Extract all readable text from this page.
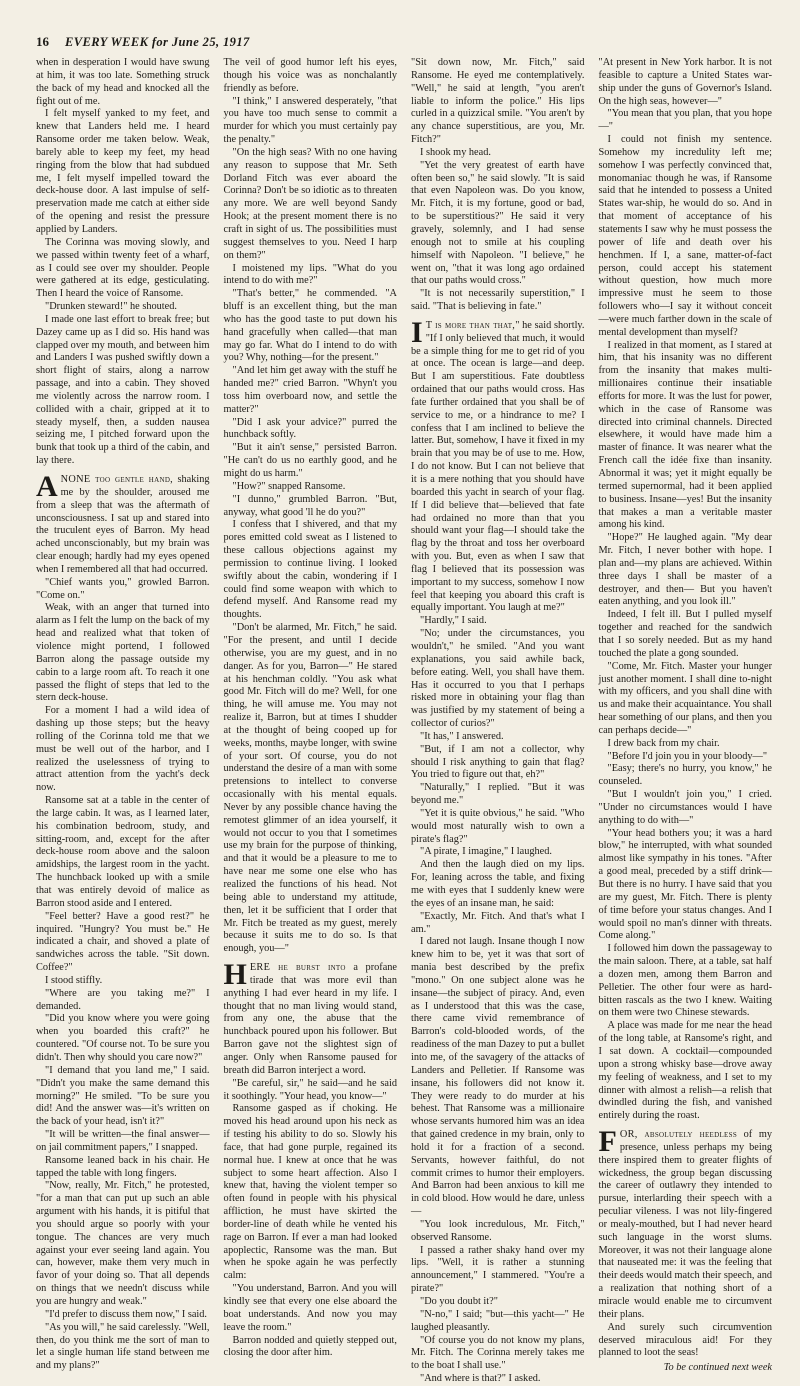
16 EVERY WEEK for June 25, 1917

when in desperation I would have swung at him, it was too late. Something struck the back of my head and knocked all the fight out of me.

I felt myself yanked to my feet, and knew that Landers held me. I heard Ransome order me taken below. Weak, barely able to keep my feet, my head ringing from the blow that had subdued me, I felt myself impelled toward the deck-house door. A last impulse of self-preservation made me catch at either side of the opening and resist the pressure applied by Landers.

The Corinna was moving slowly, and we passed within twenty feet of a wharf, as I could see over my shoulder. People were gathered at its edge, gesticulating. Then I heard the voice of Ransome.

"Drunken steward!" he shouted.

I made one last effort to break free; but Dazey came up as I did so. His hand was clapped over my mouth, and between him and Landers I was pushed swiftly down a short flight of stairs, along a narrow passage, and into a cabin. They shoved me violently across the narrow room. I collided with a chair, gripped at it to steady myself, then, a sudden nausea seizing me, I pitched forward upon the bunk that took up a third of the cabin, and lay there.

ANONE too gentle hand, shaking me by the shoulder, aroused me from a sleep that was the aftermath of unconsciousness. I sat up and stared into the truculent eyes of Barron. My head ached unconscionably, but my brain was clear enough; hardly had my eyes opened when I remembered all that had occurred.

"Chief wants you," growled Barron. "Come on."

Weak, with an anger that turned into alarm as I felt the lump on the back of my head and realized what that token of violence might portend, I followed Barron along the passage outside my cabin to a large room aft. To reach it one passed the flight of steps that led to the stern deck-house.

For a moment I had a wild idea of dashing up those steps; but the heavy rolling of the Corinna told me that we must be well out of the harbor, and I realized the uselessness of trying to attract attention from the yacht's deck now.

Ransome sat at a table in the center of the large cabin. It was, as I learned later, his combination bedroom, study, and sitting-room, and, except for the after deck-house room above and the saloon amidships, the largest room in the yacht. The hunchback looked up with a smile that was entirely devoid of malice as Barron stood aside and I entered.

"Feel better? Have a good rest?" he inquired. "Hungry? You must be." He indicated a chair, and shoved a plate of sandwiches across the table. "Sit down. Coffee?"

I stood stiffly.

"Where are you taking me?" I demanded.

"Did you know where you were going when you boarded this craft?" he countered. "Of course not. To be sure you didn't. Then why should you care now?"

"I demand that you land me," I said. "Didn't you make the same demand this morning?" He smiled. "To be sure you did! And the answer was—it's written on the back of your head, isn't it?"

"It will be written—the final answer—on jail commitment papers," I snapped.

Ransome leaned back in his chair. He tapped the table with long fingers.

"Now, really, Mr. Fitch," he protested, "for a man that can put up such an able argument with his hands, it is pitiful that you should argue so poorly with your tongue. The chances are very much against your ever seeing land again. You can, however, make them very much in favor of your doing so. That all depends on things that we needn't discuss while you are hungry and weak."

"I'd prefer to discuss them now," I said.

"As you will," he said carelessly. "Well, then, do you think me the sort of man to let a single human life stand between me and my plans?"

The veil of good humor left his eyes, though his voice was as nonchalantly friendly as before.

"I think," I answered desperately, "that you have too much sense to commit a murder for which you must certainly pay the penalty."

"On the high seas? With no one having any reason to suppose that Mr. Seth Dorland Fitch was ever aboard the Corinna? Don't be so idiotic as to threaten any more. We are well beyond Sandy Hook; at the present moment there is no craft in sight of us. The possibilities must suggest themselves to you. Need I harp on them?"

I moistened my lips. "What do you intend to do with me?"

"That's better," he commended. "A bluff is an excellent thing, but the man who has the good taste to put down his hand gracefully when called—that man may go far. What do I intend to do with you? Why, nothing—for the present."

"And let him get away with the stuff he handed me?" cried Barron. "Whyn't you toss him overboard now, and settle the matter?"

"Did I ask your advice?" purred the hunchback softly.

"But it ain't sense," persisted Barron. "He can't do us no earthly good, and he might do us harm."

"How?" snapped Ransome.

"I dunno," grumbled Barron. "But, anyway, what good 'll he do you?"

I confess that I shivered, and that my pores emitted cold sweat as I listened to these callous objections against my permission to continue living. I looked swiftly about the cabin, wondering if I could find some weapon with which to defend myself. And Ransome read my thoughts.

"Don't be alarmed, Mr. Fitch," he said. "For the present, and until I decide otherwise, you are my guest, and in no danger. As for you, Barron—" He stared at his henchman coldly. "You ask what good Mr. Fitch will do me? Well, for one thing, he will amuse me. You may not realize it, Barron, but at times I shudder at the thought of being cooped up for weeks, months, maybe longer, with swine of your sort. Of course, you do not understand the desire of a man with some pretensions to intellect to converse occasionally with his mental equals. Never by any possible chance having the remotest glimmer of an idea yourself, it would not occur to you that I sometimes use my brain for the purpose of thinking, and that it would be a pleasure to me to have near me some one else who has realized the functions of his head. Not being able to understand my attitude, then, let it be sufficient that I order that Mr. Fitch be treated as my guest, merely because it suits me to do so. Is that enough, you—"

HERE he burst into a profane tirade that was more evil than anything I had ever heard in my life. I thought that no man living would stand, from any one, the abuse that the hunchback poured upon his follower. But Barron gave not the slightest sign of anger. Only when Ransome paused for breath did Barron interject a word.

"Be careful, sir," he said—and he said it soothingly. "Your head, you know—"

Ransome gasped as if choking. He moved his head around upon his neck as if testing his ability to do so. Slowly his face, that had gone purple, regained its normal hue. I knew at once that he was subject to some heart affection. Also I knew that, having the violent temper so often found in people with his physical affliction, he must have skirted the border-line of death while he vented his rage on Barron. If ever a man had looked apoplectic, Ransome was the man. But when he spoke again he was perfectly calm:

"You understand, Barron. And you will kindly see that every one else aboard the boat understands. And now you may leave the room."

Barron nodded and quietly stepped out, closing the door after him.

"Sit down now, Mr. Fitch," said Ransome. He eyed me contemplatively. "Well," he said at length, "you aren't liable to inform the police." His lips curled in a quizzical smile. "You aren't by any chance superstitious, are you, Mr. Fitch?"

I shook my head.

"Yet the very greatest of earth have often been so," he said slowly. "It is said that even Napoleon was. Do you know, Mr. Fitch, it is my fortune, good or bad, to be superstitious?" He said it very gravely, solemnly, and I had sense enough not to smile at his coupling himself with Napoleon. "I believe," he went on, "that it was long ago ordained that our paths would cross."

"It is not necessarily superstition," I said. "That is believing in fate."

I T is more than that," he said shortly. "If I only believed that much, it would be a simple thing for me to get rid of you at once. The ocean is large—and deep. But I am superstitious. Fate doubtless ordained that our paths would cross. Has fate further ordained that you shall be of service to me, or a hindrance to me? I confess that I am inclined to believe the latter. But, somehow, I have it fixed in my brain that you may be of use to me. How, I do not know. But I can not believe that it is a mere nothing that you should have boarded this yacht in search of your flag. If I did believe that—believed that fate had ordained no more than that you should want your flag—I should take the flag by the throat and toss her overboard with you. But, even as when I saw that flag I believed that its possession was important to my success, somehow I now feel that keeping you aboard this craft is equally important. You laugh at me?"

"Hardly," I said.

"No; under the circumstances, you wouldn't," he smiled. "And you want explanations, you said awhile back, before eating. Well, you shall have them. Has it occurred to you that I perhaps risked more in obtaining your flag than was justified by my statement of being a collector of curios?"

"It has," I answered.

"But, if I am not a collector, why should I risk anything to gain that flag? You tried to figure out that, eh?"

"Naturally," I replied. "But it was beyond me."

"Yet it is quite obvious," he said. "Who would most naturally wish to own a pirate's flag?"

"A pirate, I imagine," I laughed.

And then the laugh died on my lips. For, leaning across the table, and fixing me with eyes that I suddenly knew were the eyes of an insane man, he said:

"Exactly, Mr. Fitch. And that's what I am."

I dared not laugh. Insane though I now knew him to be, yet it was that sort of mania best described by the prefix "mono." On one subject alone was he insane—the subject of piracy. And, even as I understood that this was the case, there came vivid remembrance of Barron's cold-blooded words, of the readiness of the man Dazey to put a bullet into me, of the savagery of the attacks of Landers and Pelletier. If Ransome was insane, his followers did not know it. They were ready to do murder at his behest. That Ransome was a millionaire whose servants humored him was an idea that gained credence in my brain, only to hold it for a fraction of a second. Servants, however faithful, do not commit crimes to humor their employers. And Barron had been anxious to kill me in cold blood. How would he dare, unless—

"You look incredulous, Mr. Fitch," observed Ransome.

I passed a rather shaky hand over my lips. "Well, it is rather a stunning announcement," I stammered. "You're a pirate?"

"Do you doubt it?"

"N-no," I said; "but—this yacht—" He laughed pleasantly.

"Of course you do not know my plans, Mr. Fitch. The Corinna merely takes me to the boat I shall use."

"And where is that?" I asked.

"At present in New York harbor. It is not feasible to capture a United States war-ship under the guns of Governor's Island. On the high seas, however—"

"You mean that you plan, that you hope—"

I could not finish my sentence. Somehow my incredulity left me; somehow I was perfectly convinced that, monomaniac though he was, if Ransome said that he intended to possess a United States war-ship, he would do so. And in that moment of acceptance of his statements I saw why he must possess the power of life and death over his henchmen. If I, a sane, matter-of-fact person, could accept his statement without question, how much more impressive must he seem to those followers who—I say it without conceit—were much farther down in the scale of mental development than myself?

I realized in that moment, as I stared at him, that his insanity was no different from the insanity that makes multi-millionaires continue their insatiable efforts for more. It was the lust for power, which in the case of Ransome was directed into criminal channels. Directed elsewhere, it would have made him a master of finance. It was nearer what the French call the idée fixe than insanity. Abnormal it was; yet it might equally be termed supernormal, had it been applied to business. Insane—yes! But the insanity that makes a man a veritable master among his kind.

"Hope?" He laughed again. "My dear Mr. Fitch, I never bother with hope. I plan and—my plans are achieved. Within three days I shall be master of a destroyer, and then— But you haven't eaten anything, and you look ill."

Indeed, I felt ill. But I pulled myself together and reached for the sandwich that I so sorely needed. But as my hand touched the plate a gong sounded.

"Come, Mr. Fitch. Master your hunger just another moment. I shall dine to-night with my officers, and you shall dine with us and make their acquaintance. You shall hear something of our plans, and then you can perhaps decide—"

I drew back from my chair.

"Before I'd join you in your bloody—"

"Easy; there's no hurry, you know," he counseled.

"But I wouldn't join you," I cried. "Under no circumstances would I have anything to do with—"

"Your head bothers you; it was a hard blow," he interrupted, with what sounded almost like sympathy in his tones. "After a good meal, preceded by a stiff drink— But there is no hurry. I have said that you are my guest, Mr. Fitch. There is plenty of time before your status changes. And I would spoil no man's dinner with threats. Come along."

I followed him down the passageway to the main saloon. There, at a table, sat half a dozen men, among them Barron and Pelletier. The other four were as hard-bitten rascals as the two I knew. Waiting on them were two Chinese stewards.

A place was made for me near the head of the long table, at Ransome's right, and I sat down. A cocktail—compounded upon a strong whisky base—drove away my feeling of weakness, and I set to my dinner with almost a relish—a relish that dwindled during the fish, and vanished entirely during the roast.

FOR, absolutely heedless of my presence, unless perhaps my being there inspired them to greater flights of wickedness, the group began discussing the career of outlawry they intended to pursue, interlarding their speech with a peculiar vileness. I was not lily-fingered or mealy-mouthed, but I had never heard such language in the worst slums. Moreover, it was not their language alone that nauseated me: it was the feeling that their deeds would match their speech, and a realization that nothing short of a miracle would enable me to circumvent their plans.

And surely such circumvention deserved miraculous aid! For they planned to loot the seas!

To be continued next week
